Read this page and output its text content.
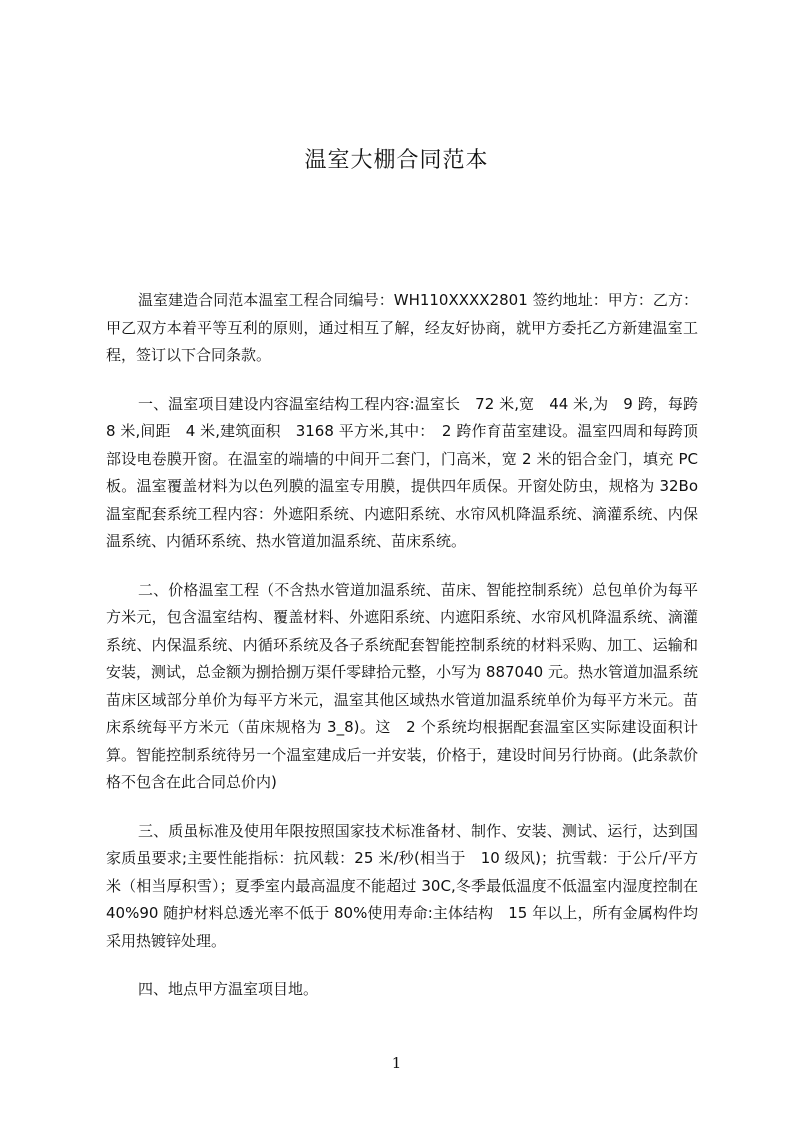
温室大棚合同范本

温室建造合同范本温室工程合同编号：WH110XXXX2801 签约地址：甲方：乙方：甲乙双方本着平等互利的原则，通过相互了解，经友好协商，就甲方委托乙方新建温室工程，签订以下合同条款。

一、温室项目建设内容温室结构工程内容:温室长　72 米,宽　44 米,为　9 跨，每跨 8 米,间距　4 米,建筑面积　3168 平方米,其中：　2 跨作育苗室建设。温室四周和每跨顶部设电卷膜开窗。在温室的端墙的中间开二套门，门高米，宽 2 米的铝合金门，填充 PC 板。温室覆盖材料为以色列膜的温室专用膜，提供四年质保。开窗处防虫，规格为 32Bo 温室配套系统工程内容：外遮阳系统、内遮阳系统、水帘风机降温系统、滴灌系统、内保温系统、内循环系统、热水管道加温系统、苗床系统。

二、价格温室工程（不含热水管道加温系统、苗床、智能控制系统）总包单价为每平方米元，包含温室结构、覆盖材料、外遮阳系统、内遮阳系统、水帘风机降温系统、滴灌系统、内保温系统、内循环系统及各子系统配套智能控制系统的材料采购、加工、运输和安装，测试，总金额为捌拾捌万渠仟零肆拾元整，小写为 887040 元。热水管道加温系统苗床区域部分单价为每平方米元，温室其他区域热水管道加温系统单价为每平方米元。苗床系统每平方米元（苗床规格为 3_8)。这　2 个系统均根据配套温室区实际建设面积计算。智能控制系统待另一个温室建成后一并安装，价格于，建设时间另行协商。(此条款价格不包含在此合同总价内)

三、质虽标准及使用年限按照国家技术标准备材、制作、安装、测试、运行，达到国家质虽要求;主要性能指标：抗风载：25 米/秒(相当于　10 级风)；抗雪载：于公斤/平方米（相当厚积雪）；夏季室内最高温度不能超过 30C,冬季最低温度不低温室内湿度控制在 40%90 随护材料总透光率不低于 80%使用寿命:主体结构　15 年以上，所有金属构件均采用热镀锌处理。

四、地点甲方温室项目地。

1
